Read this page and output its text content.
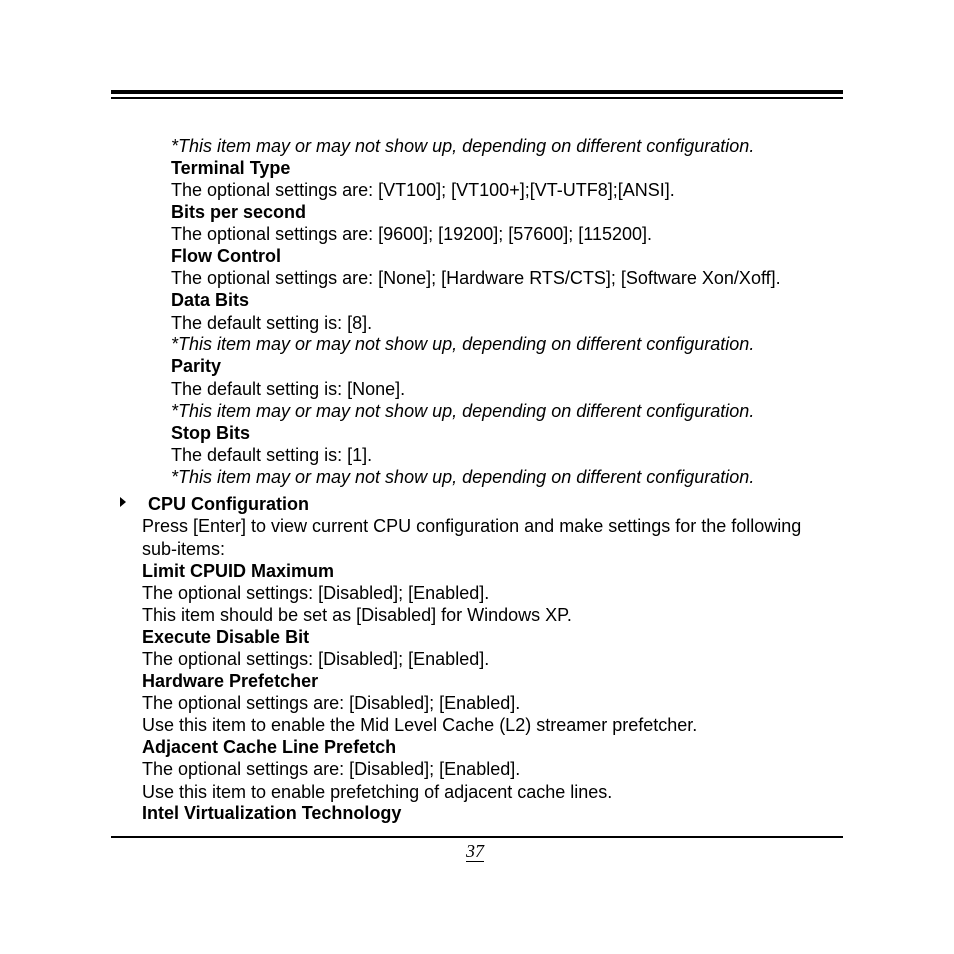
*This item may or may not show up, depending on different configuration.
Terminal Type
The optional settings are: [VT100]; [VT100+];[VT-UTF8];[ANSI].
Bits per second
The optional settings are: [9600]; [19200]; [57600]; [115200].
Flow Control
The optional settings are: [None]; [Hardware RTS/CTS]; [Software Xon/Xoff].
Data Bits
The default setting is: [8].
*This item may or may not show up, depending on different configuration.
Parity
The default setting is: [None].
*This item may or may not show up, depending on different configuration.
Stop Bits
The default setting is: [1].
*This item may or may not show up, depending on different configuration.
CPU Configuration
Press [Enter] to view current CPU configuration and make settings for the following
sub-items:
Limit CPUID Maximum
The optional settings: [Disabled]; [Enabled].
This item should be set as [Disabled] for Windows XP.
Execute Disable Bit
The optional settings: [Disabled]; [Enabled].
Hardware Prefetcher
The optional settings are: [Disabled]; [Enabled].
Use this item to enable the Mid Level Cache (L2) streamer prefetcher.
Adjacent Cache Line Prefetch
The optional settings are: [Disabled]; [Enabled].
Use this item to enable prefetching of adjacent cache lines.
Intel Virtualization Technology
37
